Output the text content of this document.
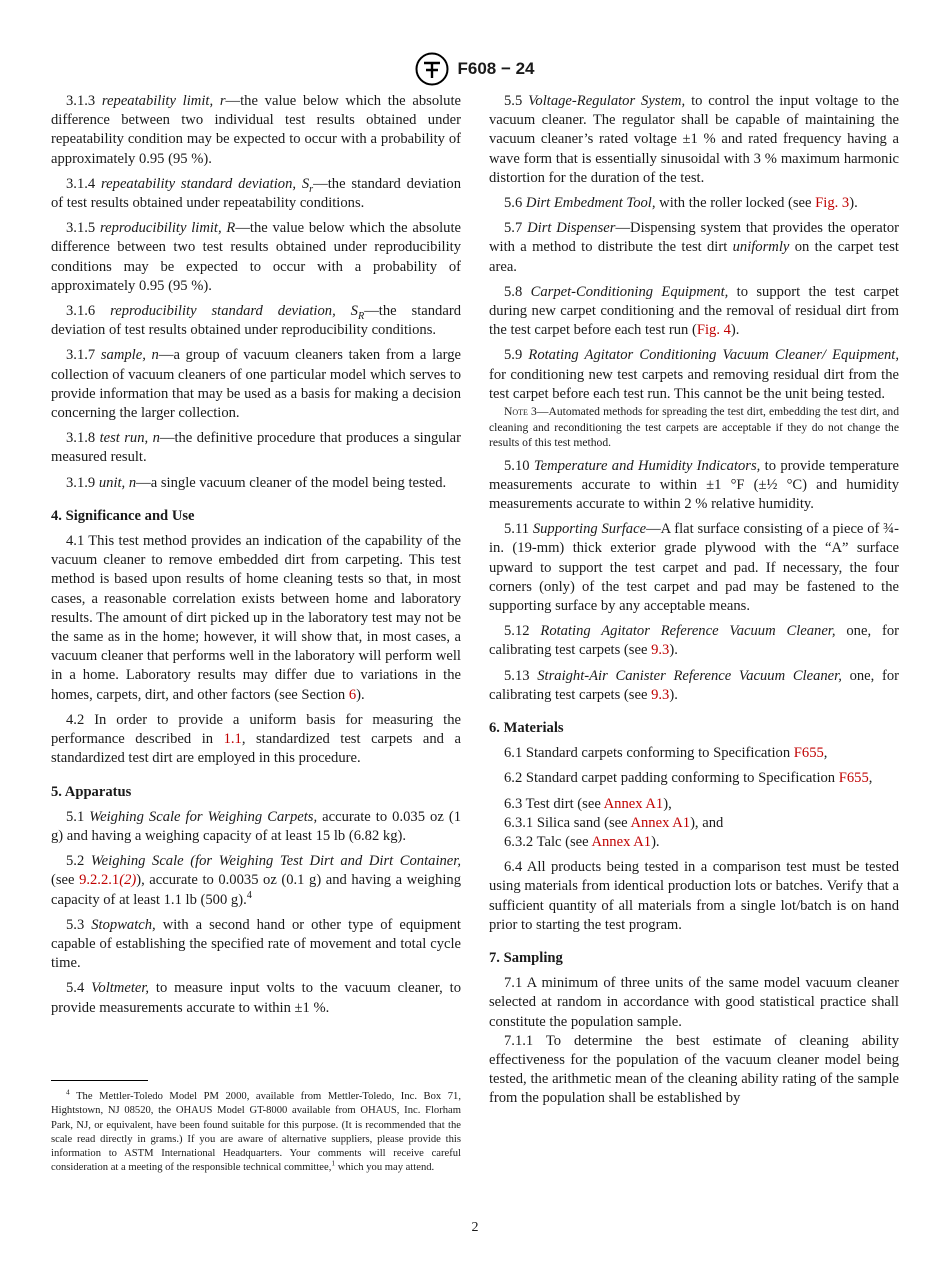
F608 − 24

3.1.3 repeatability limit, r—the value below which the absolute difference between two individual test results obtained under repeatability condition may be expected to occur with a probability of approximately 0.95 (95 %).

3.1.4 repeatability standard deviation, $S_r—the$ standard deviation of test results obtained under repeatability conditions.

3.1.5 reproducibility limit, R—the value below which the absolute difference between two test results obtained under reproducibility conditions may be expected to occur with a probability of approximately 0.95 (95 %).

3.1.6 reproducibility standard deviation, $S_R—the$ standard deviation of test results obtained under reproducibility conditions.

3.1.7 sample, n—a group of vacuum cleaners taken from a large collection of vacuum cleaners of one particular model which serves to provide information that may be used as a basis for making a decision concerning the larger collection.

3.1.8 test run, n—the definitive procedure that produces a singular measured result.

3.1.9 unit, n—a single vacuum cleaner of the model being tested.

4. Significance and Use

4.1 This test method provides an indication of the capability of the vacuum cleaner to remove embedded dirt from carpeting. This test method is based upon results of home cleaning tests so that, in most cases, a reasonable correlation exists between home and laboratory results. The amount of dirt picked up in the laboratory test may not be the same as in the home; however, it will show that, in most cases, a vacuum cleaner that performs well in the laboratory will perform well in a home. Laboratory results may differ due to variations in the homes, carpets, dirt, and other factors (see Section 6).

4.2 In order to provide a uniform basis for measuring the performance described in 1.1, standardized test carpets and a standardized test dirt are employed in this procedure.

5. Apparatus

5.1 Weighing Scale for Weighing Carpets, accurate to 0.035 oz (1 g) and having a weighing capacity of at least 15 lb (6.82 kg).

5.2 Weighing Scale (for Weighing Test Dirt and Dirt Container, (see 9.2.2.1(2)), accurate to 0.0035 oz (0.1 g) and having a weighing capacity of at least 1.1 lb (500 g).$^4$

5.3 Stopwatch, with a second hand or other type of equipment capable of establishing the specified rate of movement and total cycle time.

5.4 Voltmeter, to measure input volts to the vacuum cleaner, to provide measurements accurate to within ±1 %.

$^4$ The Mettler-Toledo Model PM 2000, available from Mettler-Toledo, Inc. Box 71, Hightstown, NJ 08520, the OHAUS Model GT-8000 available from OHAUS, Inc. Florham Park, NJ, or equivalent, have been found suitable for this purpose. (It is recommended that the scale read directly in grams.) If you are aware of alternative suppliers, please provide this information to ASTM International Headquarters. Your comments will receive careful consideration at a meeting of the responsible technical committee,$^1$ which you may attend.

5.5 Voltage-Regulator System, to control the input voltage to the vacuum cleaner. The regulator shall be capable of maintaining the vacuum cleaner’s rated voltage ±1 % and rated frequency having a wave form that is essentially sinusoidal with 3 % maximum harmonic distortion for the duration of the test.

5.6 Dirt Embedment Tool, with the roller locked (see Fig. 3).

5.7 Dirt Dispenser—Dispensing system that provides the operator with a method to distribute the test dirt uniformly on the carpet test area.

5.8 Carpet-Conditioning Equipment, to support the test carpet during new carpet conditioning and the removal of residual dirt from the test carpet before each test run (Fig. 4).

5.9 Rotating Agitator Conditioning Vacuum Cleaner/ Equipment, for conditioning new test carpets and removing residual dirt from the test carpet before each test run. This cannot be the unit being tested.

Note 3—Automated methods for spreading the test dirt, embedding the test dirt, and cleaning and reconditioning the test carpets are acceptable if they do not change the results of this test method.

5.10 Temperature and Humidity Indicators, to provide temperature measurements accurate to within ±1 °F (±½ °C) and humidity measurements accurate to within 2 % relative humidity.

5.11 Supporting Surface—A flat surface consisting of a piece of ¾-in. (19-mm) thick exterior grade plywood with the “A” surface upward to support the test carpet and pad. If necessary, the four corners (only) of the test carpet and pad may be fastened to the supporting surface by any acceptable means.

5.12 Rotating Agitator Reference Vacuum Cleaner, one, for calibrating test carpets (see 9.3).

5.13 Straight-Air Canister Reference Vacuum Cleaner, one, for calibrating test carpets (see 9.3).

6. Materials

6.1 Standard carpets conforming to Specification F655,

6.2 Standard carpet padding conforming to Specification F655,

6.3 Test dirt (see Annex A1),

6.3.1 Silica sand (see Annex A1), and

6.3.2 Talc (see Annex A1).

6.4 All products being tested in a comparison test must be tested using materials from identical production lots or batches. Verify that a sufficient quantity of all materials from a single lot/batch is on hand prior to starting the test program.

7. Sampling

7.1 A minimum of three units of the same model vacuum cleaner selected at random in accordance with good statistical practice shall constitute the population sample.

7.1.1 To determine the best estimate of cleaning ability effectiveness for the population of the vacuum cleaner model being tested, the arithmetic mean of the cleaning ability rating of the sample from the population shall be established by

2
